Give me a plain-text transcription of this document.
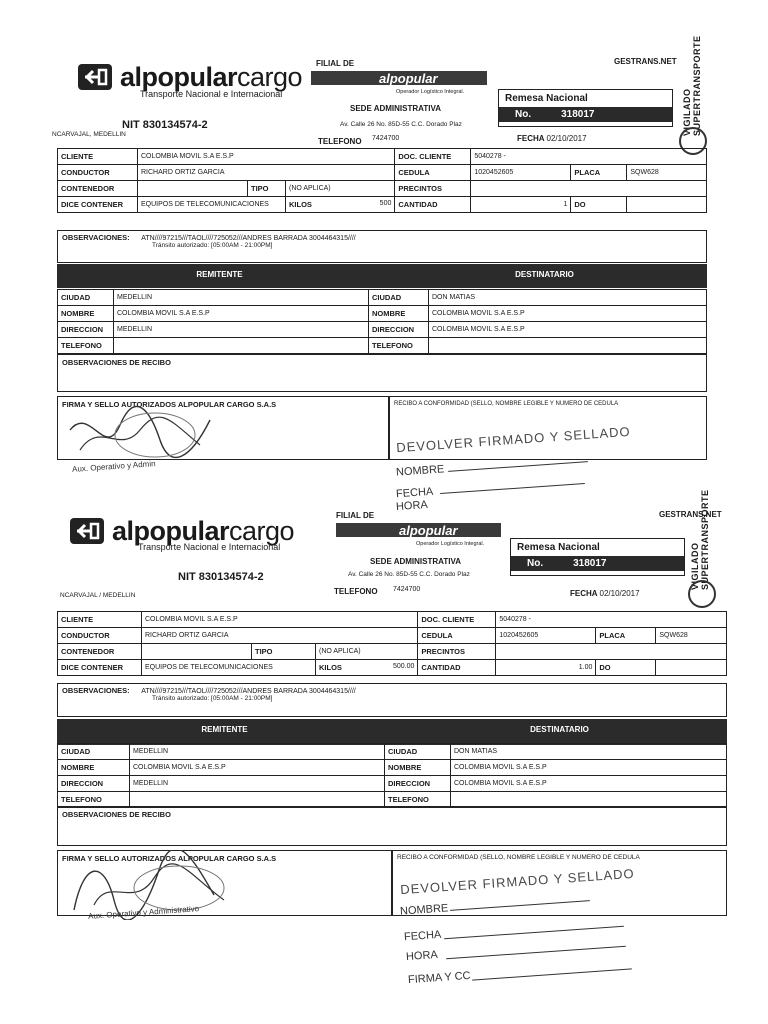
alpopularcargo
Transporte Nacional e Internacional
NIT 830134574-2
NCARVAJAL, MEDELLIN
FILIAL DE
alpopular
Operador Logístico Integral.
SEDE ADMINISTRATIVA
Av. Calle 26 No. 85D-55 C.C. Dorado Plaz
TELEFONO 7424700
GESTRANS.NET
Remesa Nacional
No.	318017
FECHA 02/10/2017
VIGILADO SUPERTRANSPORTE
CLIENTE	COLOMBIA MOVIL S.A E.S.P			DOC. CLIENTE	5040278 -		
CONDUCTOR	RICHARD ORTIZ GARCIA			CEDULA	1020452605	PLACA	SQW628
CONTENEDOR		TIPO	(NO APLICA)	PRECINTOS			
DICE CONTENER	EQUIPOS DE TELECOMUNICACIONES		KILOS 500	CANTIDAD	1	DO	
OBSERVACIONES: ATN////97215///TAOL////725052///ANDRES BARRADA 3004464315////
Tránsito autorizado: [05:00AM - 21:00PM]
REMITENTE	DESTINATARIO
CIUDAD	MEDELLIN	CIUDAD	DON MATIAS
NOMBRE	COLOMBIA MOVIL S.A E.S.P	NOMBRE	COLOMBIA MOVIL S.A E.S.P
DIRECCION	MEDELLIN	DIRECCION	COLOMBIA MOVIL S.A E.S.P
TELEFONO		TELEFONO	
OBSERVACIONES DE RECIBO
FIRMA Y SELLO AUTORIZADOS ALPOPULAR CARGO S.A.S	RECIBO A CONFORMIDAD (SELLO, NOMBRE LEGIBLE Y NUMERO DE CEDULA
Aux. Operativo y Admin
DEVOLVER FIRMADO Y SELLADO
NOMBRE
FECHA
HORA
alpopularcargo
Transporte Nacional e Internacional
NIT 830134574-2
NCARVAJAL / MEDELLIN
FILIAL DE
alpopular
Operador Logístico Integral.
SEDE ADMINISTRATIVA
Av. Calle 26 No. 85D-55 C.C. Dorado Plaz
TELEFONO 7424700
GESTRANS.NET
Remesa Nacional
No.	318017
FECHA 02/10/2017
VIGILADO SUPERTRANSPORTE
CLIENTE	COLOMBIA MOVIL S.A E.S.P			DOC. CLIENTE	5040278 -		
CONDUCTOR	RICHARD ORTIZ GARCIA			CEDULA	1020452605	PLACA	SQW628
CONTENEDOR		TIPO	(NO APLICA)	PRECINTOS			
DICE CONTENER	EQUIPOS DE TELECOMUNICACIONES		KILOS 500.00	CANTIDAD	1.00	DO	
OBSERVACIONES: ATN////97215///TAOL////725052///ANDRES BARRADA 3004464315////
Tránsito autorizado: [05:00AM - 21:00PM]
REMITENTE	DESTINATARIO
CIUDAD	MEDELLIN	CIUDAD	DON MATIAS
NOMBRE	COLOMBIA MOVIL S.A E.S.P	NOMBRE	COLOMBIA MOVIL S.A E.S.P
DIRECCION	MEDELLIN	DIRECCION	COLOMBIA MOVIL S.A E.S.P
TELEFONO		TELEFONO	
OBSERVACIONES DE RECIBO
FIRMA Y SELLO AUTORIZADOS ALPOPULAR CARGO S.A.S	RECIBO A CONFORMIDAD (SELLO, NOMBRE LEGIBLE Y NUMERO DE CEDULA
Aux. Operativo y Administrativo
DEVOLVER FIRMADO Y SELLADO
NOMBRE
FECHA
HORA
FIRMA Y CC
